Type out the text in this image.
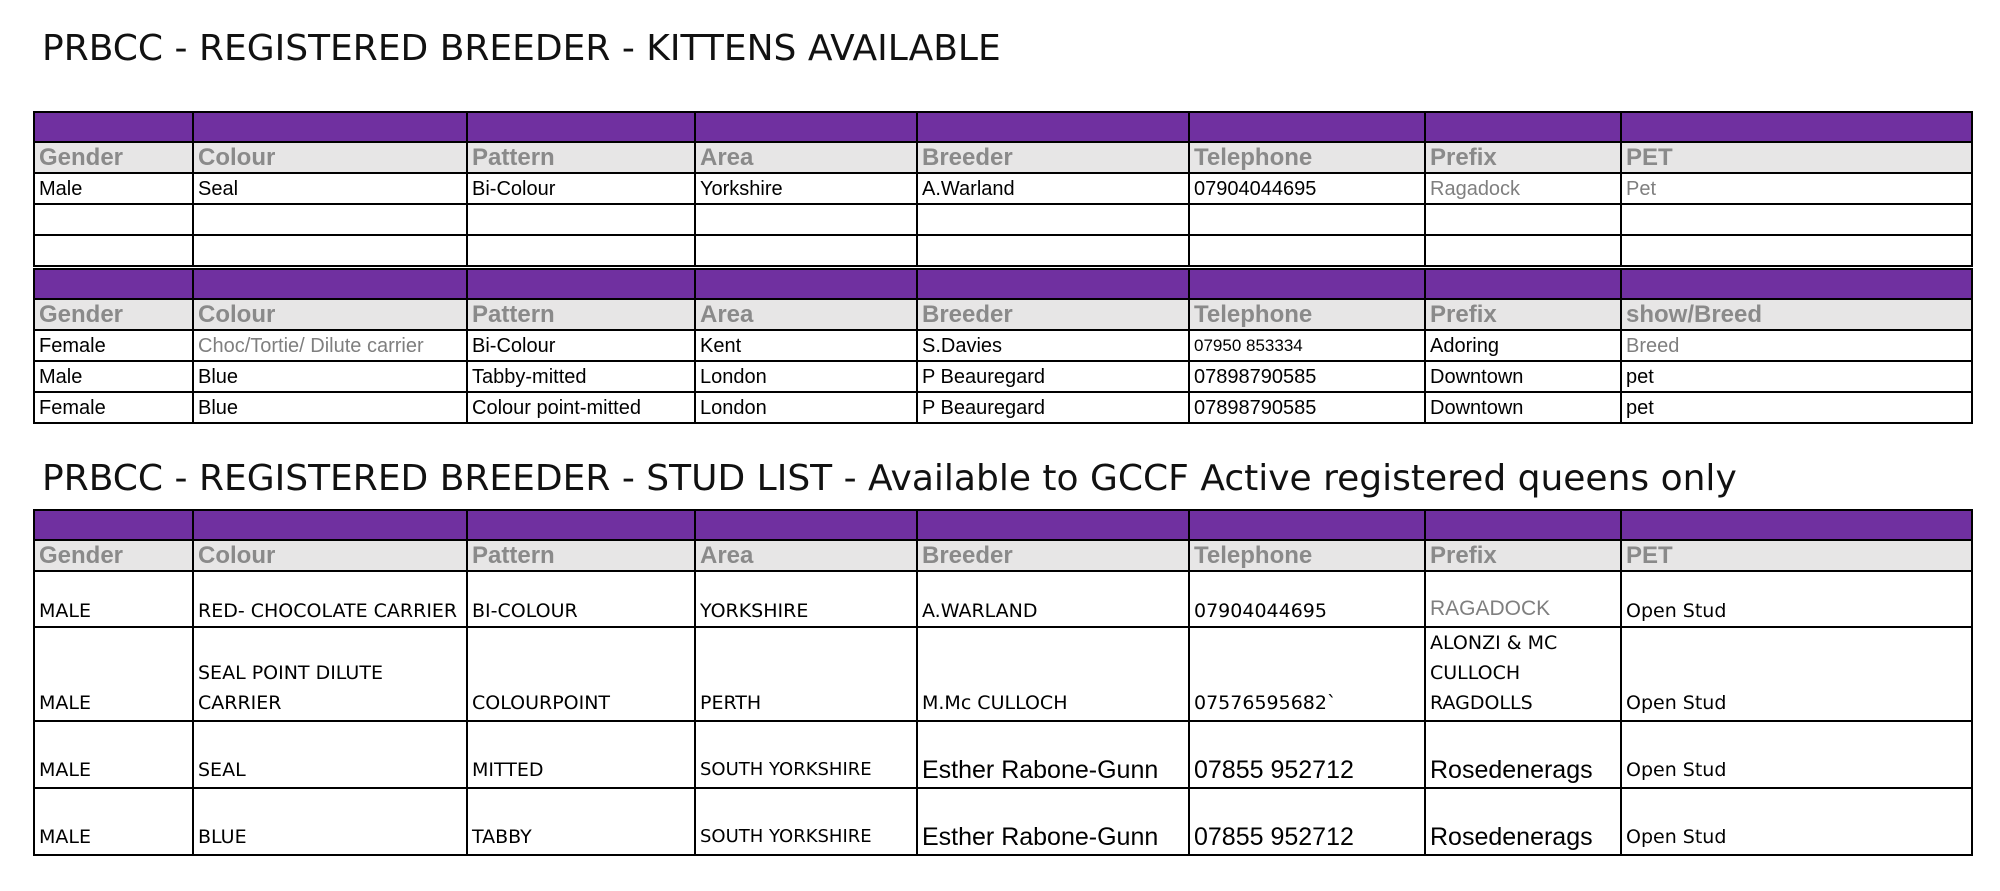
PRBCC - REGISTERED BREEDER - KITTENS AVAILABLE

Gender	Colour	Pattern	Area	Breeder	Telephone	Prefix	PET
Male	Seal	Bi-Colour	Yorkshire	A.Warland	07904044695	Ragadock	Pet

Gender	Colour	Pattern	Area	Breeder	Telephone	Prefix	show/Breed
Female	Choc/Tortie/ Dilute carrier	Bi-Colour	Kent	S.Davies	07950 853334	Adoring	Breed
Male	Blue	Tabby-mitted	London	P Beauregard	07898790585	Downtown	pet
Female	Blue	Colour point-mitted	London	P Beauregard	07898790585	Downtown	pet
PRBCC - REGISTERED BREEDER - STUD LIST - Available to GCCF Active registered queens only

Gender	Colour	Pattern	Area	Breeder	Telephone	Prefix	PET
MALE	RED- CHOCOLATE CARRIER	BI-COLOUR	YORKSHIRE	A.WARLAND	07904044695	RAGADOCK	Open Stud
MALE	SEAL POINT DILUTE CARRIER	COLOURPOINT	PERTH	M.Mc CULLOCH	07576595682`	ALONZI & MC CULLOCH RAGDOLLS	Open Stud
MALE	SEAL	MITTED	SOUTH YORKSHIRE	Esther Rabone-Gunn	07855 952712	Rosedenerags	Open Stud
MALE	BLUE	TABBY	SOUTH YORKSHIRE	Esther Rabone-Gunn	07855 952712	Rosedenerags	Open Stud
